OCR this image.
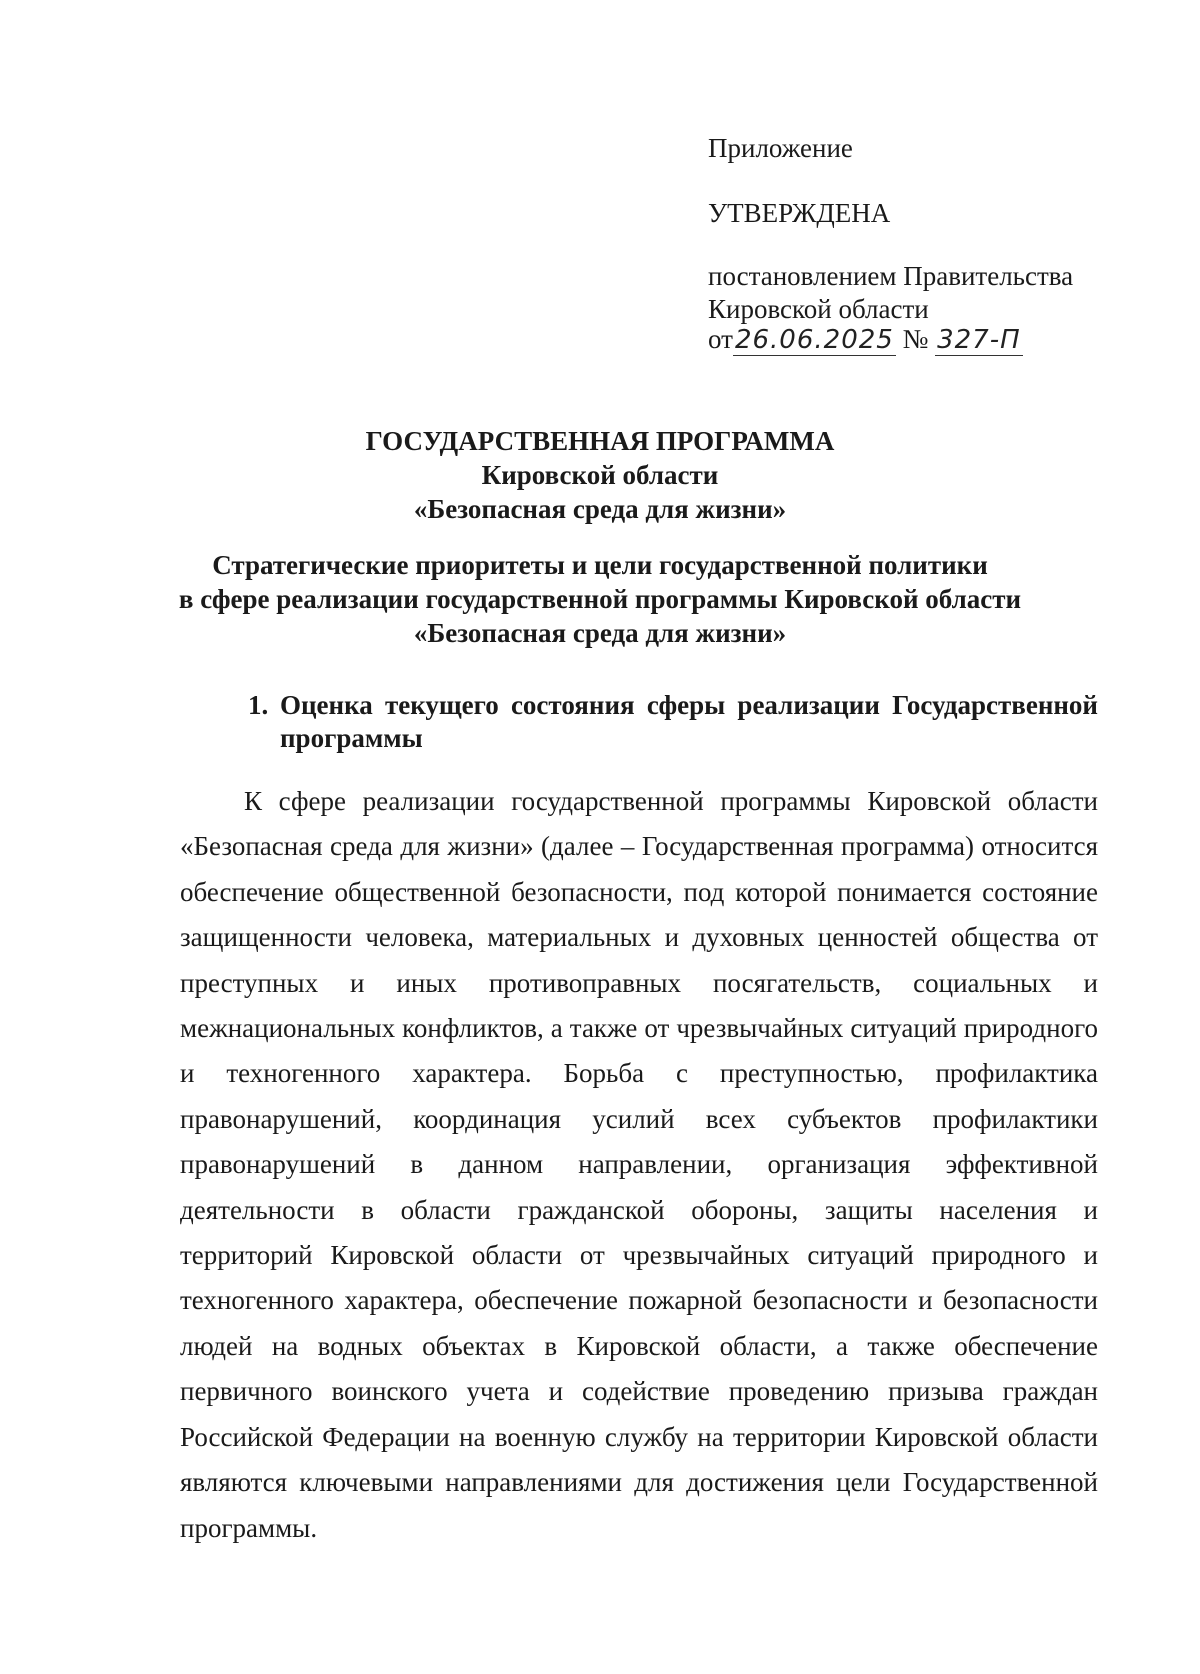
Приложение

УТВЕРЖДЕНА

постановлением Правительства

Кировской области

от26.06.2025 № 327-П

ГОСУДАРСТВЕННАЯ ПРОГРАММА

Кировской области

«Безопасная среда для жизни»

Стратегические приоритеты и цели государственной политики

в сфере реализации государственной программы Кировской области

«Безопасная среда для жизни»

1. Оценка текущего состояния сферы реализации Государственной программы

К сфере реализации государственной программы Кировской области «Безопасная среда для жизни» (далее – Государственная программа) относится обеспечение общественной безопасности, под которой понимается состояние защищенности человека, материальных и духовных ценностей общества от преступных и иных противоправных посягательств, социальных и межнациональных конфликтов, а также от чрезвычайных ситуаций природного и техногенного характера. Борьба с преступностью, профилактика правонарушений, координация усилий всех субъектов профилактики правонарушений в данном направлении, организация эффективной деятельности в области гражданской обороны, защиты населения и территорий Кировской области от чрезвычайных ситуаций природного и техногенного характера, обеспечение пожарной безопасности и безопасности людей на водных объектах в Кировской области, а также обеспечение первичного воинского учета и содействие проведению призыва граждан Российской Федерации на военную службу на территории Кировской области являются ключевыми направлениями для достижения цели Государственной программы.
